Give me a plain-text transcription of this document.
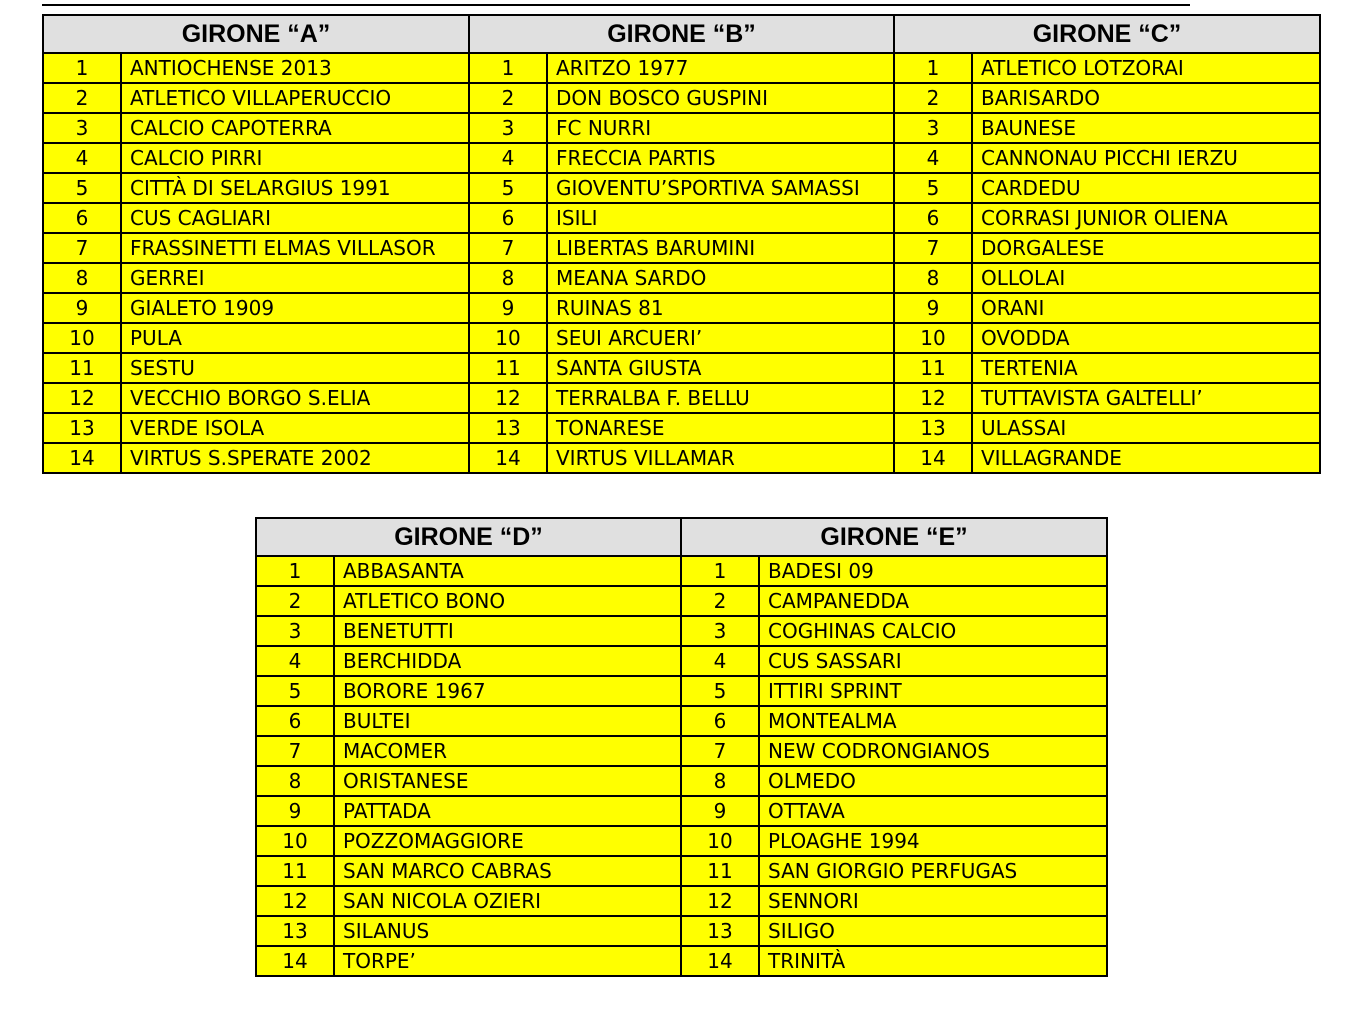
GIRONE “A”	
1	ANTIOCHENSE 2013
2	ATLETICO VILLAPERUCCIO
3	CALCIO CAPOTERRA
4	CALCIO PIRRI
5	CITTÀ DI SELARGIUS 1991
6	CUS CAGLIARI
7	FRASSINETTI ELMAS VILLASOR
8	GERREI
9	GIALETO 1909
10	PULA
11	SESTU
12	VECCHIO BORGO S.ELIA
13	VERDE ISOLA
14	VIRTUS S.SPERATE 2002
GIRONE “B”	
1	ARITZO 1977
2	DON BOSCO GUSPINI
3	FC NURRI
4	FRECCIA PARTIS
5	GIOVENTU’SPORTIVA SAMASSI
6	ISILI
7	LIBERTAS BARUMINI
8	MEANA SARDO
9	RUINAS 81
10	SEUI ARCUERI’
11	SANTA GIUSTA
12	TERRALBA F. BELLU
13	TONARESE
14	VIRTUS VILLAMAR
GIRONE “C”	
1	ATLETICO LOTZORAI
2	BARISARDO
3	BAUNESE
4	CANNONAU PICCHI IERZU
5	CARDEDU
6	CORRASI JUNIOR OLIENA
7	DORGALESE
8	OLLOLAI
9	ORANI
10	OVODDA
11	TERTENIA
12	TUTTAVISTA GALTELLI’
13	ULASSAI
14	VILLAGRANDE
GIRONE “D”	
1	ABBASANTA
2	ATLETICO BONO
3	BENETUTTI
4	BERCHIDDA
5	BORORE 1967
6	BULTEI
7	MACOMER
8	ORISTANESE
9	PATTADA
10	POZZOMAGGIORE
11	SAN MARCO CABRAS
12	SAN NICOLA OZIERI
13	SILANUS
14	TORPE’
GIRONE “E”	
1	BADESI 09
2	CAMPANEDDA
3	COGHINAS CALCIO
4	CUS SASSARI
5	ITTIRI SPRINT
6	MONTEALMA
7	NEW CODRONGIANOS
8	OLMEDO
9	OTTAVA
10	PLOAGHE 1994
11	SAN GIORGIO PERFUGAS
12	SENNORI
13	SILIGO
14	TRINITÀ
